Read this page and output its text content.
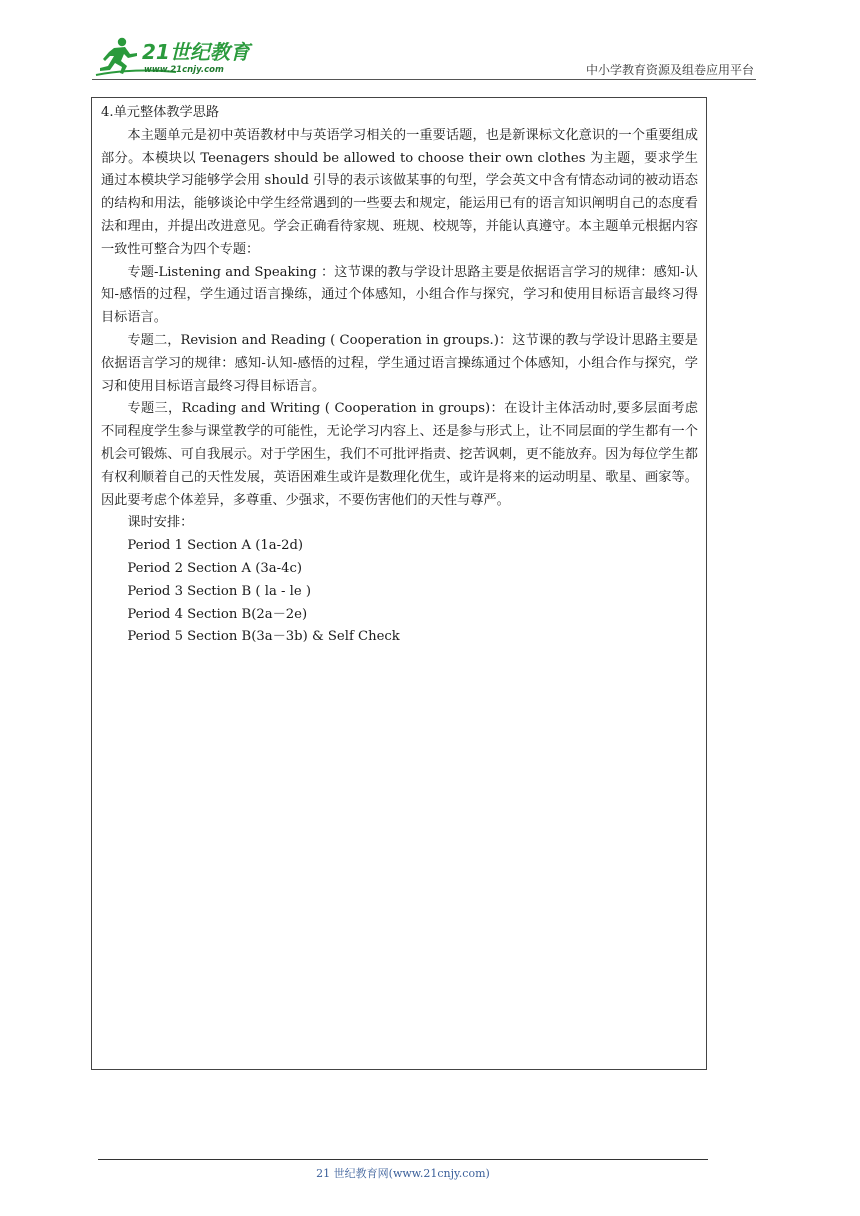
21世纪教育
www.21cnjy.com	中小学教育资源及组卷应用平台

4.单元整体教学思路

本主题单元是初中英语教材中与英语学习相关的一重要话题，也是新课标文化意识的一个重要组成部分。本模块以 Teenagers should be allowed to choose their own clothes 为主题，要求学生通过本模块学习能够学会用 should 引导的表示该做某事的句型，学会英文中含有情态动词的被动语态的结构和用法，能够谈论中学生经常遇到的一些要去和规定，能运用已有的语言知识阐明自己的态度看法和理由，并提出改进意见。学会正确看待家规、班规、校规等，并能认真遵守。本主题单元根据内容一致性可整合为四个专题：

专题-Listening and Speaking ：这节课的教与学设计思路主要是依据语言学习的规律：感知-认知-感悟的过程，学生通过语言操练，通过个体感知，小组合作与探究，学习和使用目标语言最终习得目标语言。

专题二，Revision and Reading ( Cooperation in groups.)：这节课的教与学设计思路主要是依据语言学习的规律：感知-认知-感悟的过程，学生通过语言操练通过个体感知，小组合作与探究，学习和使用目标语言最终习得目标语言。

专题三，Rcading and Writing ( Cooperation in groups)：在设计主体活动时,要多层面考虑不同程度学生参与课堂教学的可能性，无论学习内容上、还是参与形式上，让不同层面的学生都有一个机会可锻炼、可自我展示。对于学困生，我们不可批评指责、挖苦讽刺，更不能放弃。因为每位学生都有权利顺着自己的天性发展，英语困难生或许是数理化优生，或许是将来的运动明星、歌星、画家等。因此要考虑个体差异，多尊重、少强求，不要伤害他们的天性与尊严。

课时安排：

Period 1 Section A (1a-2d)

Period 2 Section A (3a-4c)

Period 3 Section B ( la - le )

Period 4 Section B(2a－2e)

Period 5 Section B(3a－3b) & Self Check

21 世纪教育网(www.21cnjy.com)
